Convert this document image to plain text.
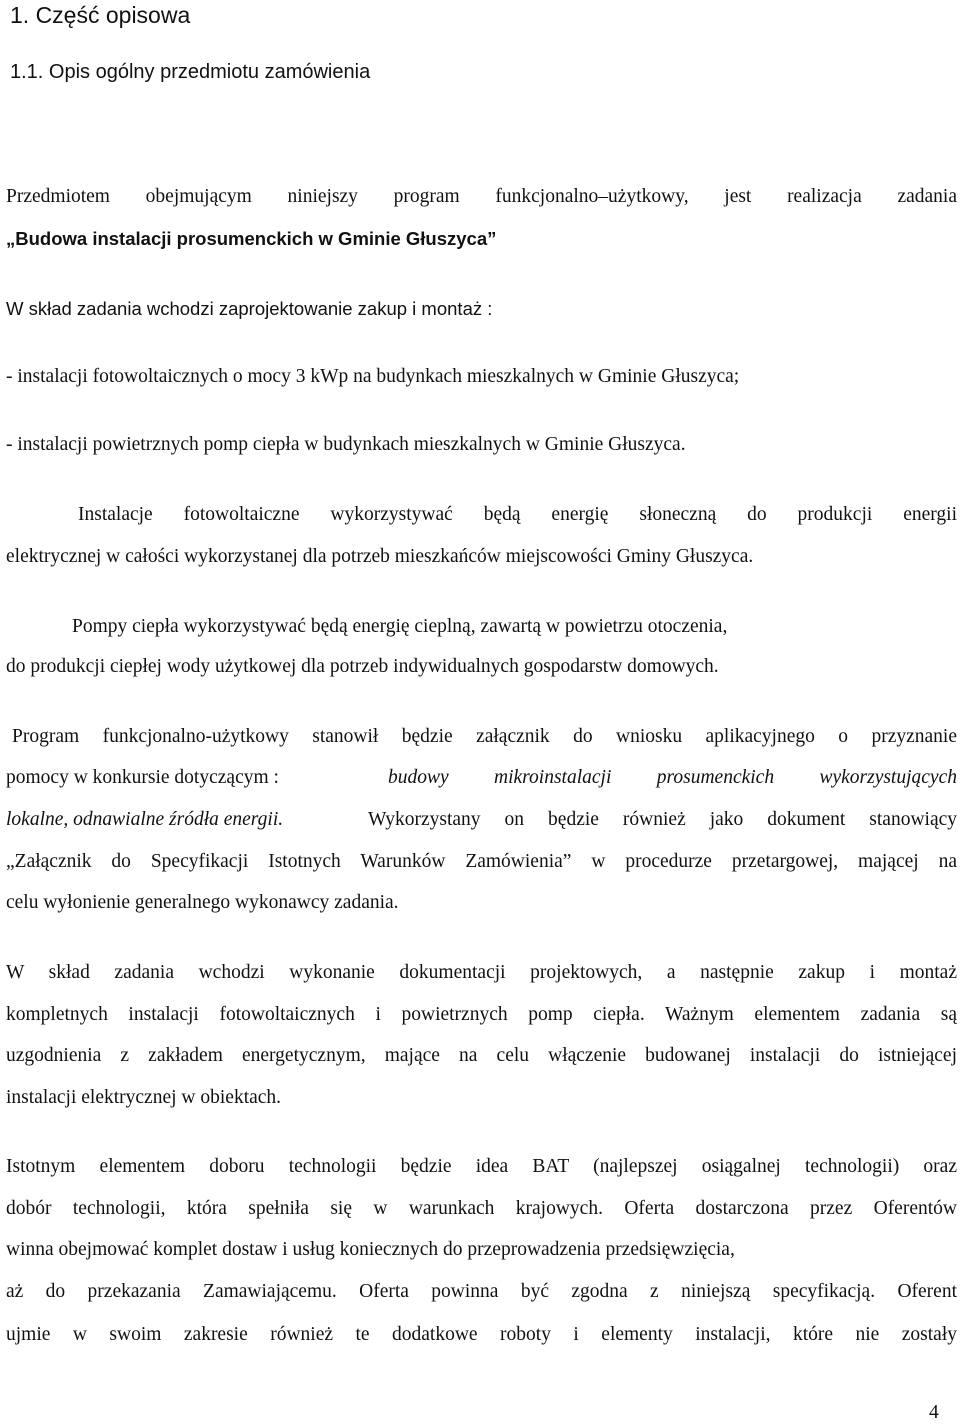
1. Część opisowa
1.1. Opis ogólny przedmiotu zamówienia
Przedmiotem obejmującym niniejszy program funkcjonalno–użytkowy, jest realizacja zadania
„Budowa instalacji prosumenckich w Gminie Głuszyca”
W skład zadania wchodzi zaprojektowanie zakup i montaż :
- instalacji fotowoltaicznych o mocy 3 kWp na budynkach mieszkalnych w Gminie Głuszyca;
- instalacji powietrznych pomp ciepła w budynkach mieszkalnych w Gminie Głuszyca.
Instalacje fotowoltaiczne wykorzystywać będą energię słoneczną do produkcji energii
elektrycznej w całości wykorzystanej dla potrzeb mieszkańców miejscowości Gminy Głuszyca.
Pompy ciepła wykorzystywać będą energię cieplną, zawartą w powietrzu otoczenia,
do produkcji ciepłej wody użytkowej dla potrzeb indywidualnych gospodarstw domowych.
Program funkcjonalno-użytkowy stanowił będzie załącznik do wniosku aplikacyjnego o przyznanie
pomocy w konkursie dotyczącym :	budowy mikroinstalacji prosumenckich wykorzystujących
lokalne, odnawialne źródła energii.	Wykorzystany on będzie również jako dokument stanowiący
„Załącznik do Specyfikacji Istotnych Warunków Zamówienia” w procedurze przetargowej, mającej na
celu wyłonienie generalnego wykonawcy zadania.
W skład zadania wchodzi wykonanie dokumentacji projektowych, a następnie zakup i montaż
kompletnych instalacji fotowoltaicznych i powietrznych pomp ciepła. Ważnym elementem zadania są
uzgodnienia z zakładem energetycznym, mające na celu włączenie budowanej instalacji do istniejącej
instalacji elektrycznej w obiektach.
Istotnym elementem doboru technologii będzie idea BAT (najlepszej osiągalnej technologii) oraz
dobór technologii, która spełniła się w warunkach krajowych. Oferta dostarczona przez Oferentów
winna obejmować komplet dostaw i usług koniecznych do przeprowadzenia przedsięwzięcia,
aż do przekazania Zamawiającemu. Oferta powinna być zgodna z niniejszą specyfikacją. Oferent
ujmie w swoim zakresie również te dodatkowe roboty i elementy instalacji, które nie zostały
4
